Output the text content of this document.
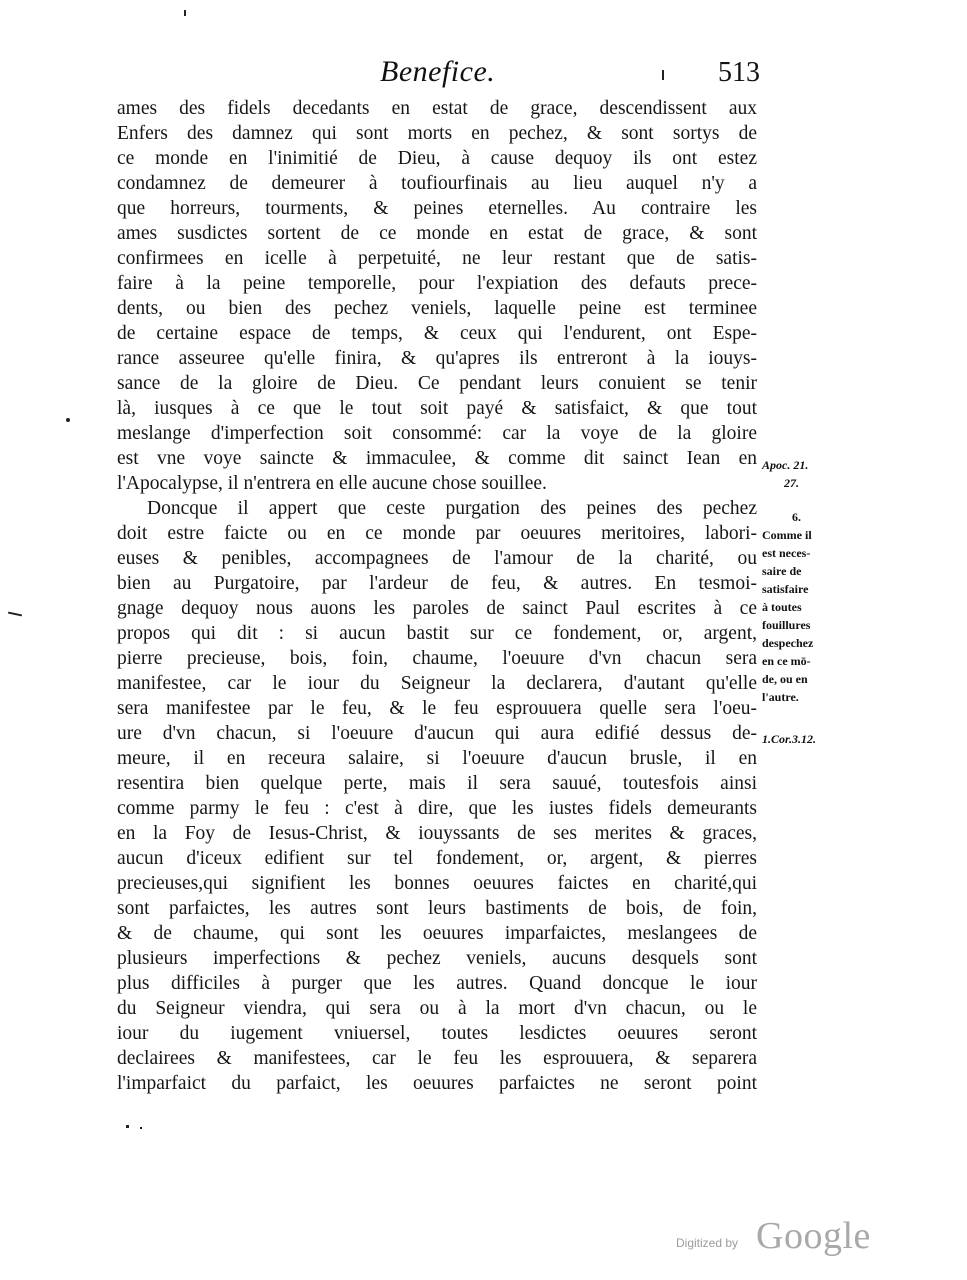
Benefice.	513
ames des fidels decedants en estat de grace, descendissent aux
Enfers des damnez qui sont morts en pechez, & sont sortys de
ce monde en l'inimitié de Dieu, à cause dequoy ils ont estez
condamnez de demeurer à toufiourfinais au lieu auquel n'y a
que horreurs, tourments, & peines eternelles. Au contraire les
ames susdictes sortent de ce monde en estat de grace, & sont
confirmees en icelle à perpetuité, ne leur restant que de satis-
faire à la peine temporelle, pour l'expiation des defauts prece-
dents, ou bien des pechez veniels, laquelle peine est terminee
de certaine espace de temps, & ceux qui l'endurent, ont Espe-
rance asseuree qu'elle finira, & qu'apres ils entreront à la iouys-
sance de la gloire de Dieu. Ce pendant leurs conuient se tenir
là, iusques à ce que le tout soit payé & satisfaict, & que tout
meslange d'imperfection soit consommé: car la voye de la gloire
est vne voye saincte & immaculee, & comme dit sainct Iean en
l'Apocalypse, il n'entrera en elle aucune chose souillee.
Doncque il appert que ceste purgation des peines des pechez
doit estre faicte ou en ce monde par oeuures meritoires, labori-
euses & penibles, accompagnees de l'amour de la charité, ou
bien au Purgatoire, par l'ardeur de feu, & autres. En tesmoi-
gnage dequoy nous auons les paroles de sainct Paul escrites à ce
propos qui dit : si aucun bastit sur ce fondement, or, argent,
pierre precieuse, bois, foin, chaume, l'oeuure d'vn chacun sera
manifestee, car le iour du Seigneur la declarera, d'autant qu'elle
sera manifestee par le feu, & le feu esprouuera quelle sera l'oeu-
ure d'vn chacun, si l'oeuure d'aucun qui aura edifié dessus de-
meure, il en receura salaire, si l'oeuure d'aucun brusle, il en
resentira bien quelque perte, mais il sera sauué, toutesfois ainsi
comme parmy le feu : c'est à dire, que les iustes fidels demeurants
en la Foy de Iesus-Christ, & iouyssants de ses merites & graces,
aucun d'iceux edifient sur tel fondement, or, argent, & pierres
precieuses,qui signifient les bonnes oeuures faictes en charité,qui
sont parfaictes, les autres sont leurs bastiments de bois, de foin,
& de chaume, qui sont les oeuures imparfaictes, meslangees de
plusieurs imperfections & pechez veniels, aucuns desquels sont
plus difficiles à purger que les autres. Quand doncque le iour
du Seigneur viendra, qui sera ou à la mort d'vn chacun, ou le
iour du iugement vniuersel, toutes lesdictes oeuures seront
declairees & manifestees, car le feu les esprouuera, & separera
l'imparfaict du parfaict, les oeuures parfaictes ne seront point
Apoc. 21.
27.
6.
Comme il
est neces-
saire de
satisfaire
à toutes
fouillures
despechez
en ce mō-
de, ou en
l'autre.
1.Cor.3.12.
Digitized by Google
